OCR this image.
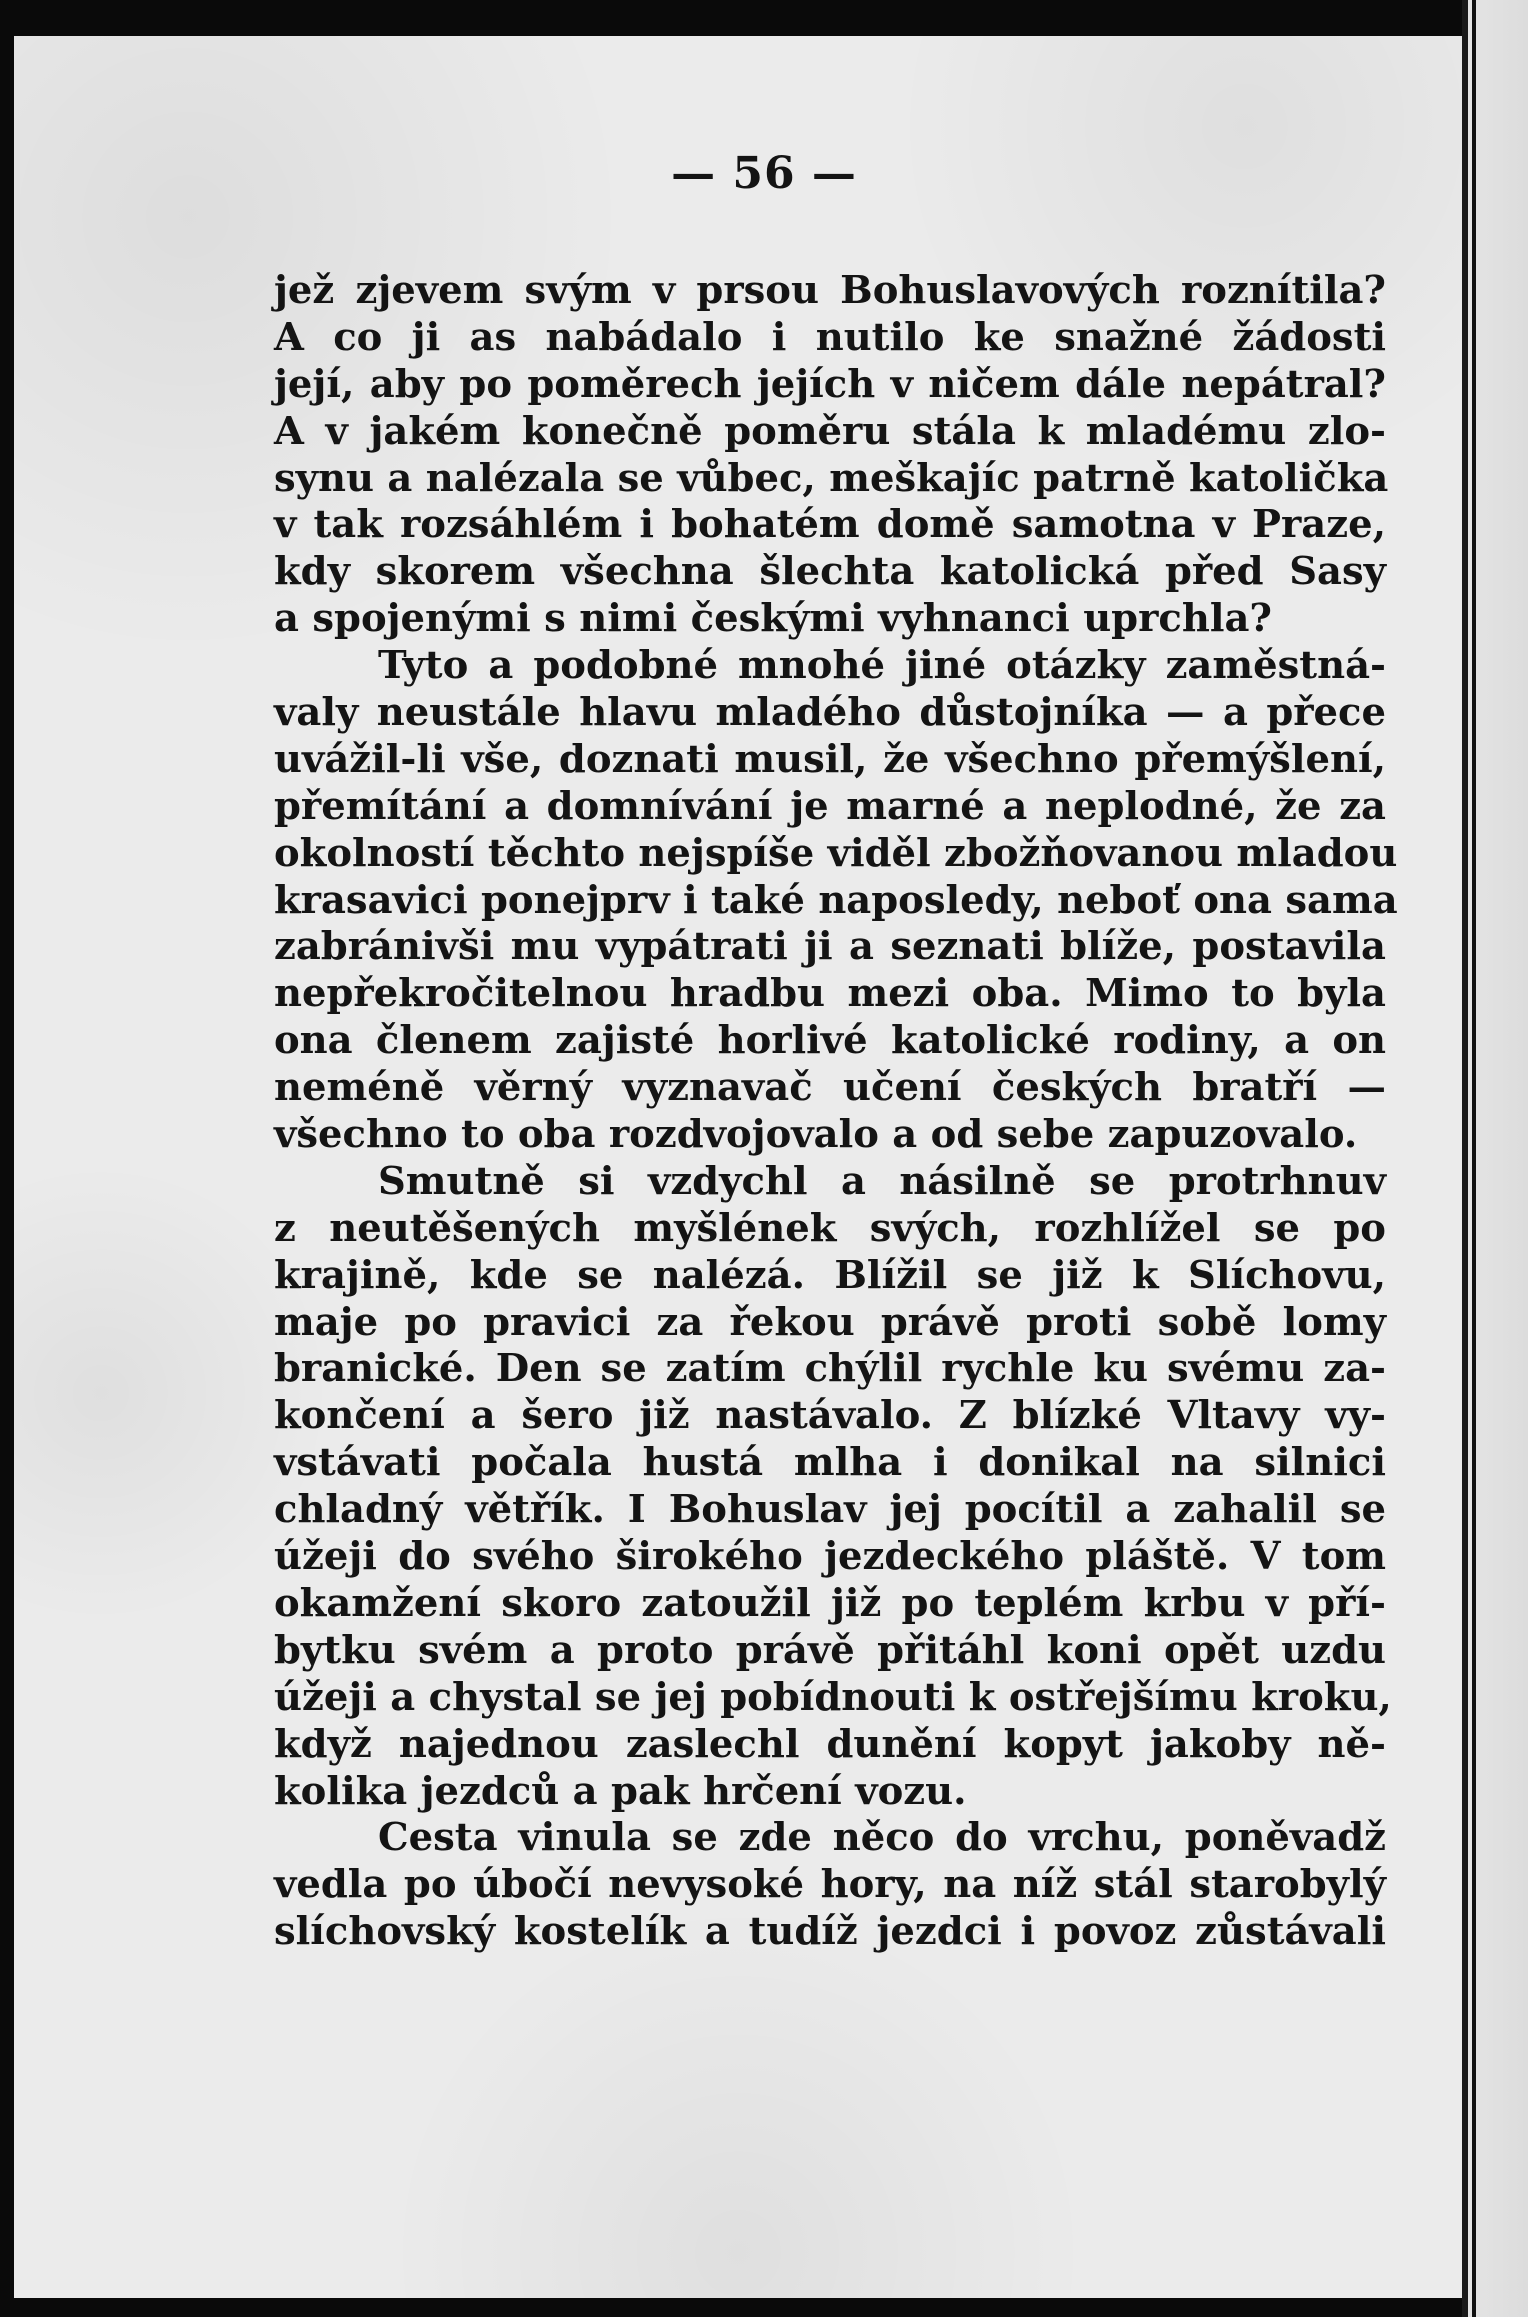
— 56 —
jež zjevem svým v prsou Bohuslavových roznítila?
A co ji as nabádalo i nutilo ke snažné žádosti
její, aby po poměrech jejích v ničem dále nepátral?
A v jakém konečně poměru stála k mladému zlo-
synu a nalézala se vůbec, meškajíc patrně katolička
v tak rozsáhlém i bohatém domě samotna v Praze,
kdy skorem všechna šlechta katolická před Sasy
a spojenými s nimi českými vyhnanci uprchla?
Tyto a podobné mnohé jiné otázky zaměstná-
valy neustále hlavu mladého důstojníka — a přece
uvážil-li vše, doznati musil, že všechno přemýšlení,
přemítání a domnívání je marné a neplodné, že za
okolností těchto nejspíše viděl zbožňovanou mladou
krasavici ponejprv i také naposledy, neboť ona sama
zabránivši mu vypátrati ji a seznati blíže, postavila
nepřekročitelnou hradbu mezi oba. Mimo to byla
ona členem zajisté horlivé katolické rodiny, a on
neméně věrný vyznavač učení českých bratří —
všechno to oba rozdvojovalo a od sebe zapuzovalo.
Smutně si vzdychl a násilně se protrhnuv
z neutěšených myšlének svých, rozhlížel se po
krajině, kde se nalézá. Blížil se již k Slíchovu,
maje po pravici za řekou právě proti sobě lomy
branické. Den se zatím chýlil rychle ku svému za-
končení a šero již nastávalo. Z blízké Vltavy vy-
vstávati počala hustá mlha i donikal na silnici
chladný větřík. I Bohuslav jej pocítil a zahalil se
úžeji do svého širokého jezdeckého pláště. V tom
okamžení skoro zatoužil již po teplém krbu v pří-
bytku svém a proto právě přitáhl koni opět uzdu
úžeji a chystal se jej pobídnouti k ostřejšímu kroku,
když najednou zaslechl dunění kopyt jakoby ně-
kolika jezdců a pak hrčení vozu.
Cesta vinula se zde něco do vrchu, poněvadž
vedla po úbočí nevysoké hory, na níž stál starobylý
slíchovský kostelík a tudíž jezdci i povoz zůstávali
